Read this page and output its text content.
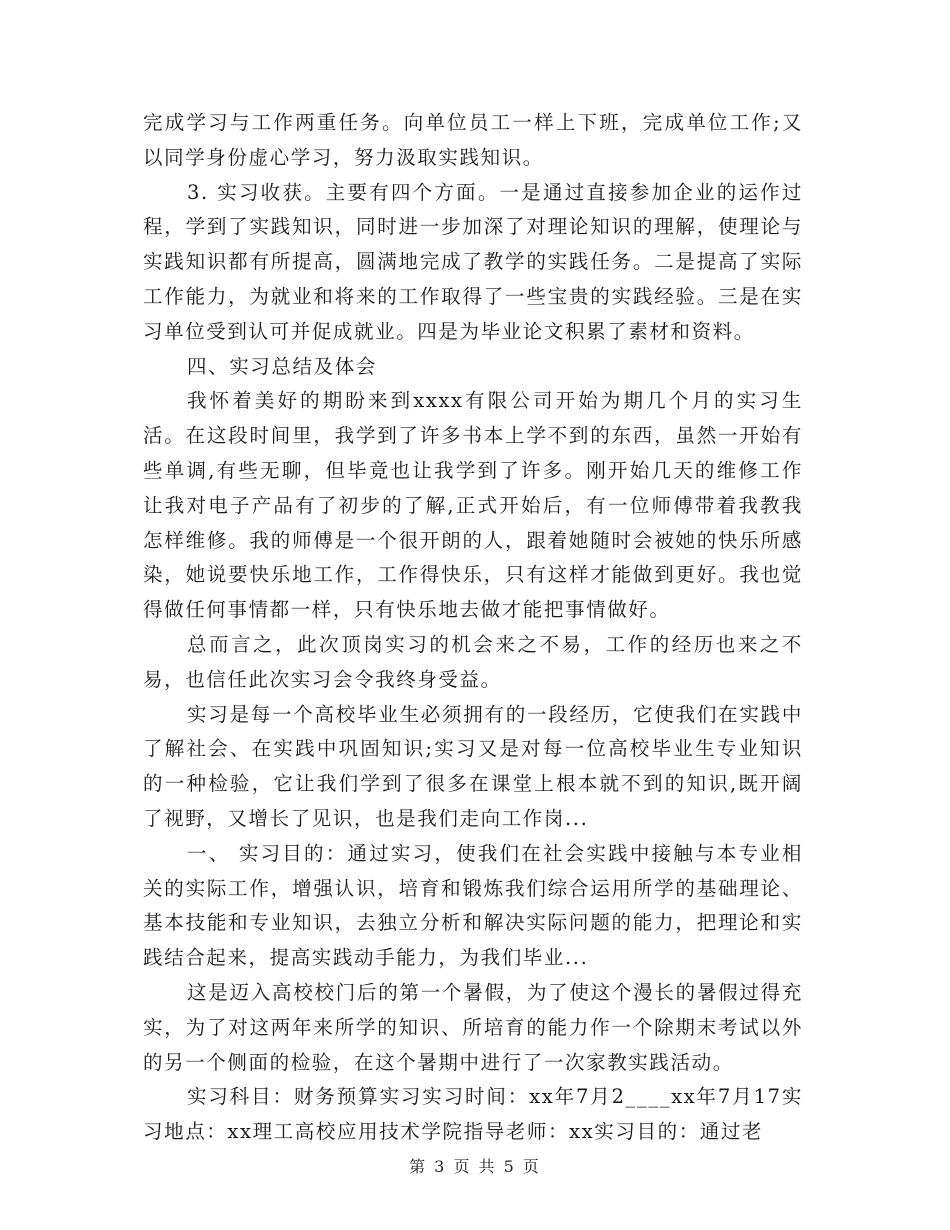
完成学习与工作两重任务。向单位员工一样上下班，完成单位工作;又以同学身份虚心学习，努力汲取实践知识。

3. 实习收获。主要有四个方面。一是通过直接参加企业的运作过程，学到了实践知识，同时进一步加深了对理论知识的理解，使理论与实践知识都有所提高，圆满地完成了教学的实践任务。二是提高了实际工作能力，为就业和将来的工作取得了一些宝贵的实践经验。三是在实习单位受到认可并促成就业。四是为毕业论文积累了素材和资料。

四、实习总结及体会

我怀着美好的期盼来到xxxx有限公司开始为期几个月的实习生活。在这段时间里，我学到了许多书本上学不到的东西，虽然一开始有些单调,有些无聊，但毕竟也让我学到了许多。刚开始几天的维修工作让我对电子产品有了初步的了解,正式开始后，有一位师傅带着我教我怎样维修。我的师傅是一个很开朗的人，跟着她随时会被她的快乐所感染，她说要快乐地工作，工作得快乐，只有这样才能做到更好。我也觉得做任何事情都一样，只有快乐地去做才能把事情做好。

总而言之，此次顶岗实习的机会来之不易，工作的经历也来之不易，也信任此次实习会令我终身受益。

实习是每一个高校毕业生必须拥有的一段经历，它使我们在实践中了解社会、在实践中巩固知识;实习又是对每一位高校毕业生专业知识的一种检验，它让我们学到了很多在课堂上根本就不到的知识,既开阔了视野，又增长了见识，也是我们走向工作岗...

一、 实习目的：通过实习，使我们在社会实践中接触与本专业相关的实际工作，增强认识，培育和锻炼我们综合运用所学的基础理论、基本技能和专业知识，去独立分析和解决实际问题的能力，把理论和实践结合起来，提高实践动手能力，为我们毕业...

这是迈入高校校门后的第一个暑假，为了使这个漫长的暑假过得充实，为了对这两年来所学的知识、所培育的能力作一个除期末考试以外的另一个侧面的检验，在这个暑期中进行了一次家教实践活动。

实习科目：财务预算实习实习时间：xx年7月2____xx年7月17实习地点：xx理工高校应用技术学院指导老师：xx实习目的：通过老

第 3 页 共 5 页
